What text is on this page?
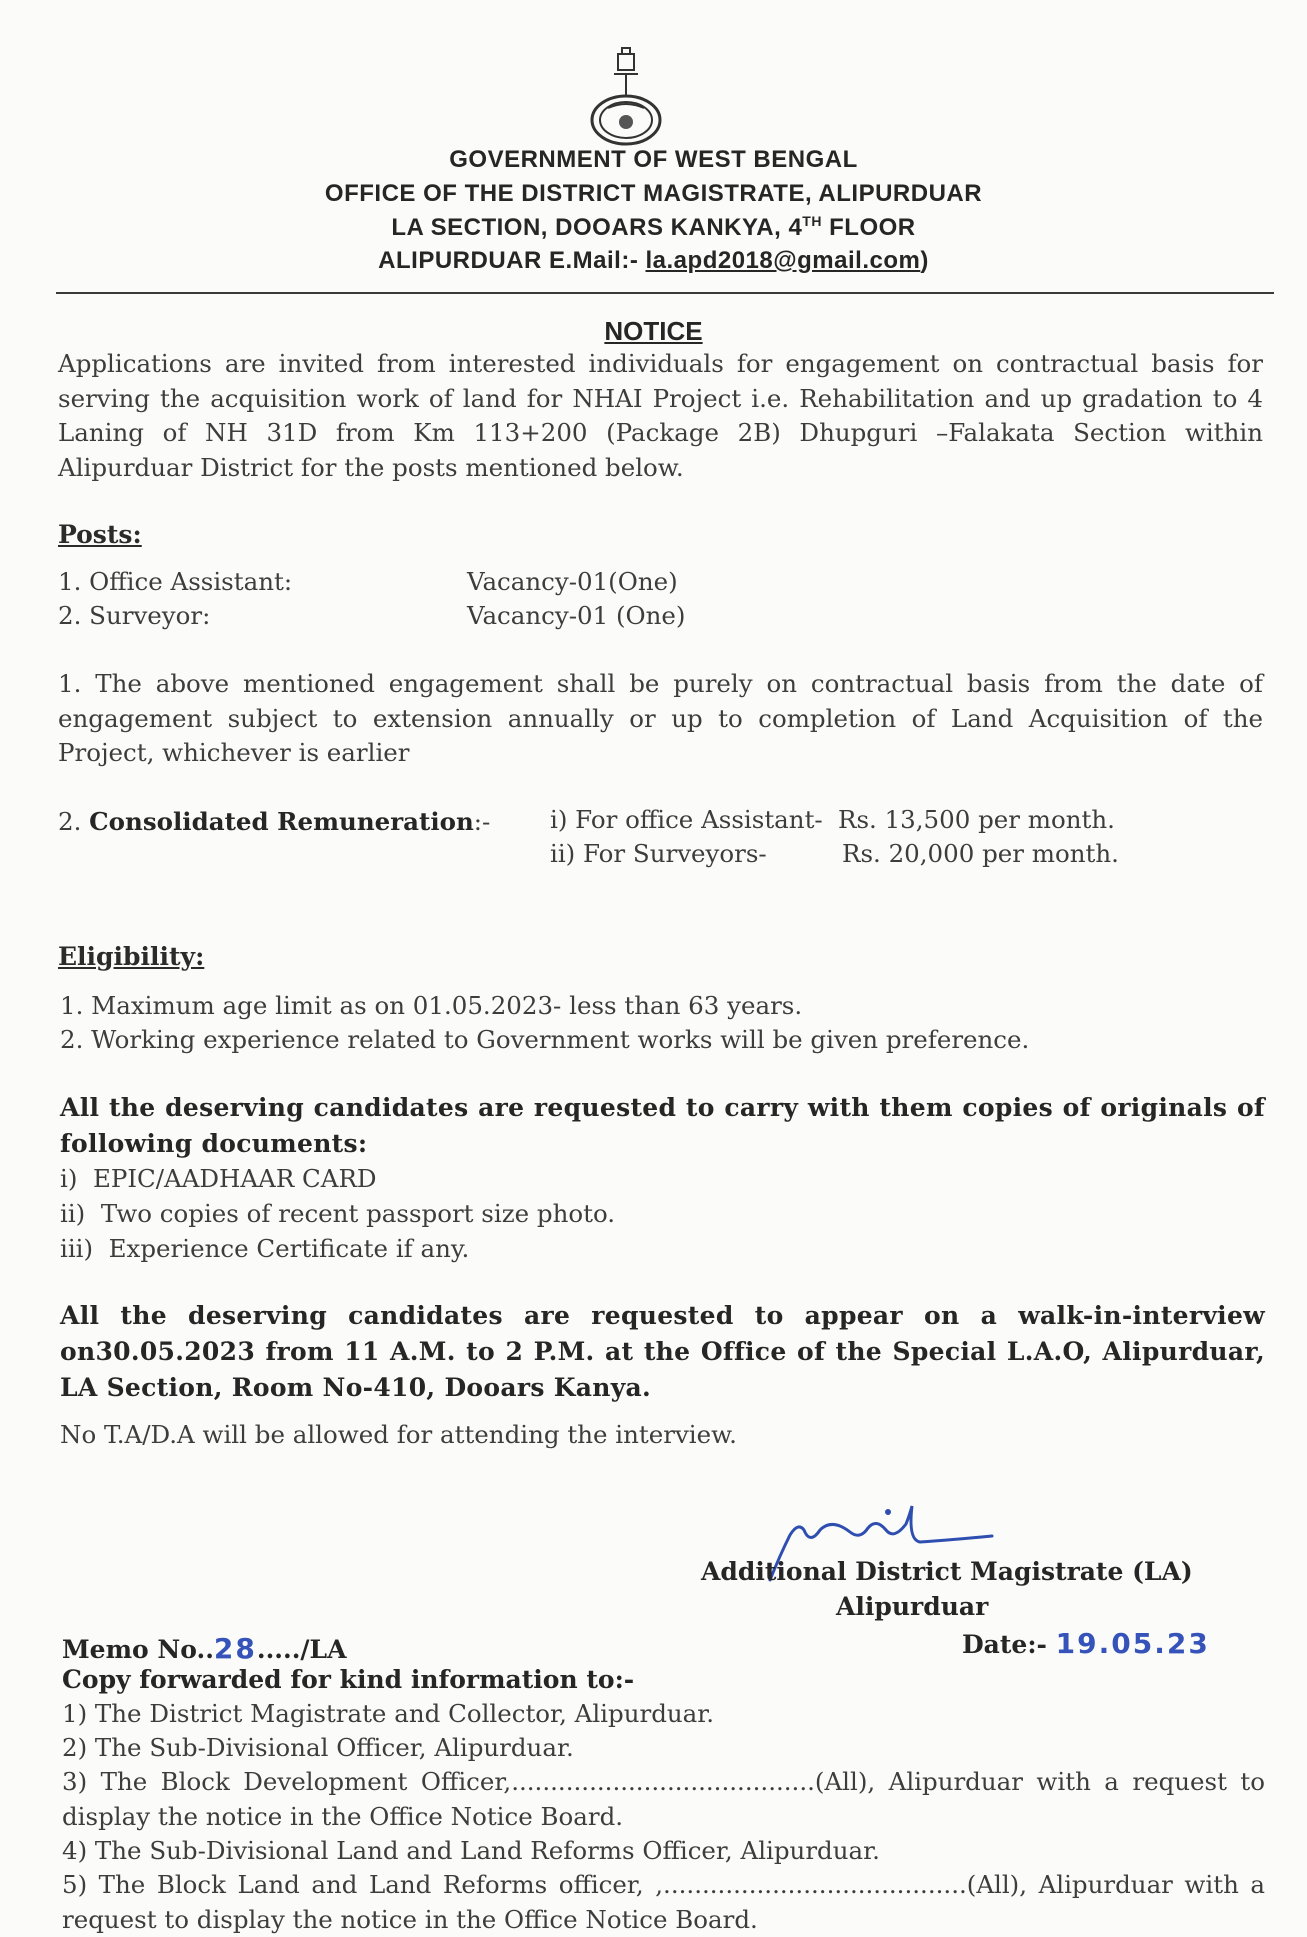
GOVERNMENT OF WEST BENGAL
OFFICE OF THE DISTRICT MAGISTRATE, ALIPURDUAR
LA SECTION, DOOARS KANKYA, 4TH FLOOR
ALIPURDUAR E.Mail:- la.apd2018@gmail.com)
NOTICE
Applications are invited from interested individuals for engagement on contractual basis for serving the acquisition work of land for NHAI Project i.e. Rehabilitation and up gradation to 4 Laning of NH 31D from Km 113+200 (Package 2B) Dhupguri –Falakata Section within Alipurduar District for the posts mentioned below.
Posts:
1. Office Assistant:	Vacancy-01(One)
2. Surveyor:	Vacancy-01 (One)
1. The above mentioned engagement shall be purely on contractual basis from the date of engagement subject to extension annually or up to completion of Land Acquisition of the Project, whichever is earlier
2. Consolidated Remuneration:- i) For office Assistant- Rs. 13,500 per month.
ii) For Surveyors-	Rs. 20,000 per month.
Eligibility:
1. Maximum age limit as on 01.05.2023- less than 63 years.
2. Working experience related to Government works will be given preference.
All the deserving candidates are requested to carry with them copies of originals of following documents:
i) EPIC/AADHAAR CARD
ii) Two copies of recent passport size photo.
iii) Experience Certificate if any.
All the deserving candidates are requested to appear on a walk-in-interview on30.05.2023 from 11 A.M. to 2 P.M. at the Office of the Special L.A.O, Alipurduar, LA Section, Room No-410, Dooars Kanya.
No T.A/D.A will be allowed for attending the interview.
Additional District Magistrate (LA)
Alipurduar
Memo No..28...../LA	Date:- 19.05.23
Copy forwarded for kind information to:-
1) The District Magistrate and Collector, Alipurduar.
2) The Sub-Divisional Officer, Alipurduar.
3) The Block Development Officer,.......................................(All), Alipurduar with a request to display the notice in the Office Notice Board.
4) The Sub-Divisional Land and Land Reforms Officer, Alipurduar.
5) The Block Land and Land Reforms officer, ,.......................................(All), Alipurduar with a request to display the notice in the Office Notice Board.
